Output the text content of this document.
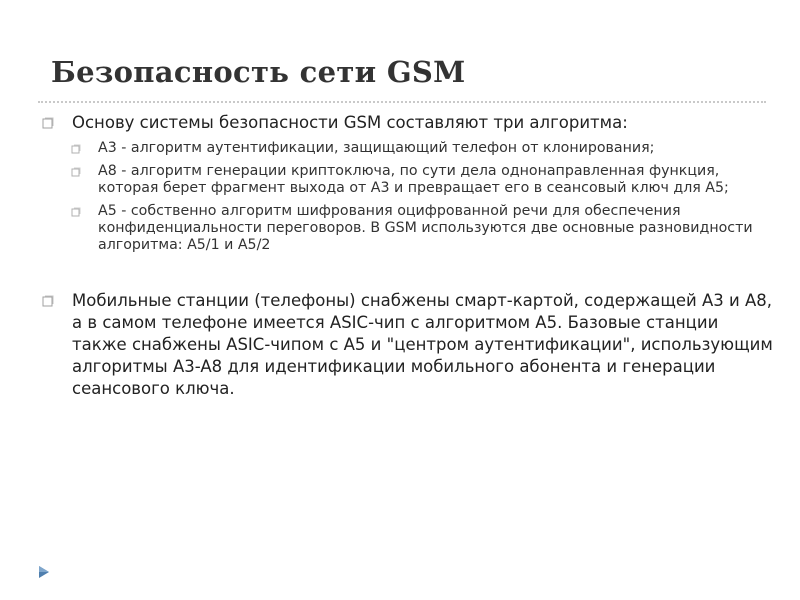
Безопасность сети GSM
Основу системы безопасности GSM составляют три алгоритма:
А3 - алгоритм аутентификации, защищающий телефон от клонирования;
А8 - алгоритм генерации криптоключа, по сути дела однонаправленная функция, которая берет фрагмент выхода от A3 и превращает его в сеансовый ключ для A5;
A5 - собственно алгоритм шифрования оцифрованной речи для обеспечения конфиденциальности переговоров. В GSM используются две основные разновидности алгоритма: A5/1 и А5/2
Мобильные станции (телефоны) снабжены смарт-картой, содержащей A3 и A8, а в самом телефоне имеется ASIC-чип с алгоритмом A5. Базовые станции также снабжены ASIC-чипом с A5 и "центром аутентификации", использующим алгоритмы A3-A8 для идентификации мобильного абонента и генерации сеансового ключа.
